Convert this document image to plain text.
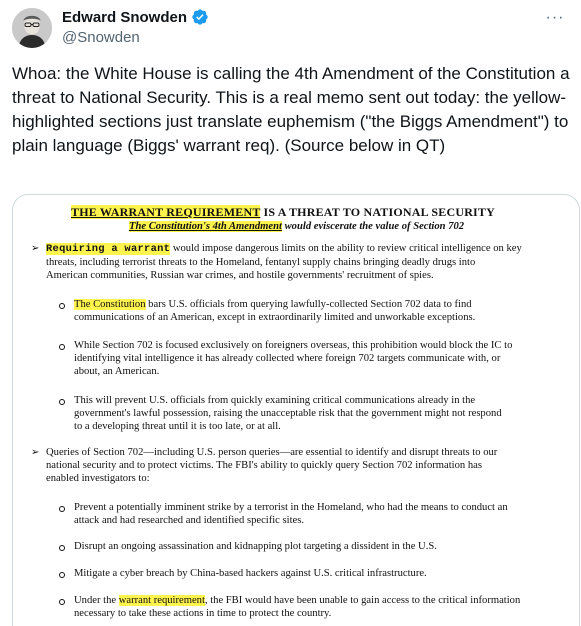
Edward Snowden
@Snowden
···
Whoa: the White House is calling the 4th Amendment of the Constitution a threat to National Security. This is a real memo sent out today: the yellow-highlighted sections just translate euphemism ("the Biggs Amendment") to plain language (Biggs' warrant req). (Source below in QT)
THE WARRANT REQUIREMENT IS A THREAT TO NATIONAL SECURITY
The Constitution's 4th Amendment would eviscerate the value of Section 702
➢ Requiring a warrant would impose dangerous limits on the ability to review critical intelligence on key
threats, including terrorist threats to the Homeland, fentanyl supply chains bringing deadly drugs into
American communities, Russian war crimes, and hostile governments' recruitment of spies.
The Constitution bars U.S. officials from querying lawfully-collected Section 702 data to find
communications of an American, except in extraordinarily limited and unworkable exceptions.
While Section 702 is focused exclusively on foreigners overseas, this prohibition would block the IC to
identifying vital intelligence it has already collected where foreign 702 targets communicate with, or
about, an American.
This will prevent U.S. officials from quickly examining critical communications already in the
government's lawful possession, raising the unacceptable risk that the government might not respond
to a developing threat until it is too late, or at all.
➢ Queries of Section 702—including U.S. person queries—are essential to identify and disrupt threats to our
national security and to protect victims. The FBI's ability to quickly query Section 702 information has
enabled investigators to:
Prevent a potentially imminent strike by a terrorist in the Homeland, who had the means to conduct an
attack and had researched and identified specific sites.
Disrupt an ongoing assassination and kidnapping plot targeting a dissident in the U.S.
Mitigate a cyber breach by China-based hackers against U.S. critical infrastructure.
Under the warrant requirement, the FBI would have been unable to gain access to the critical information
necessary to take these actions in time to protect the country.
